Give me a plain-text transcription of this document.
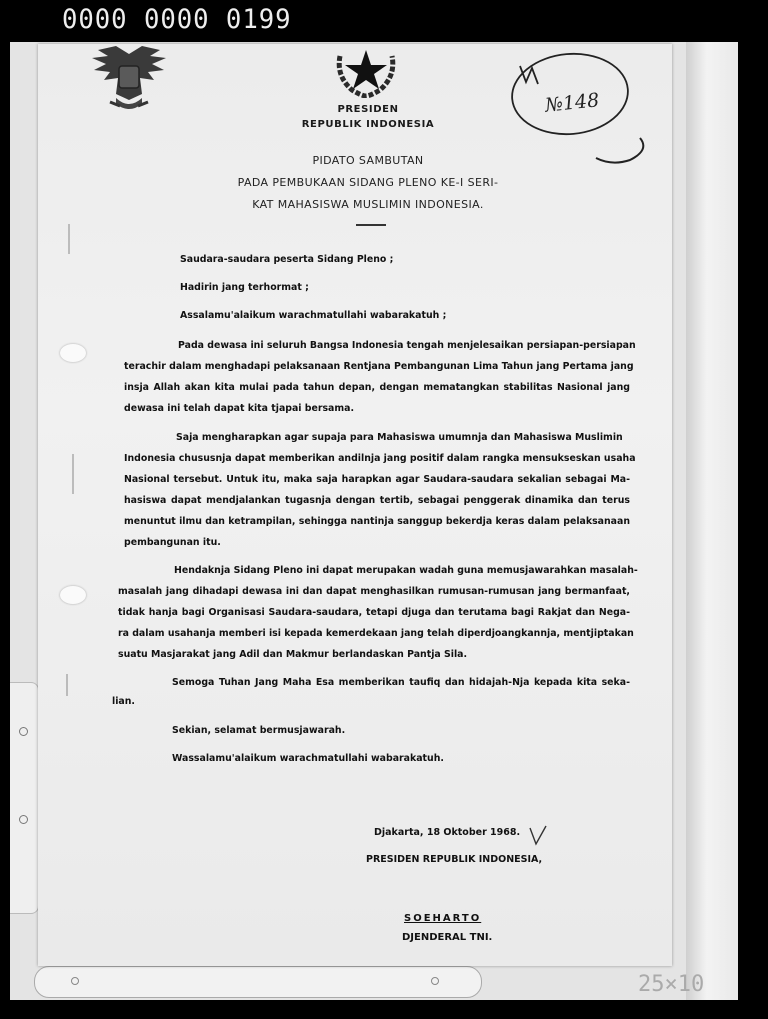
0000 0000 0199
25×10
PRESIDEN
REPUBLIK INDONESIA
№148
PIDATO SAMBUTAN
PADA PEMBUKAAN SIDANG PLENO KE-I SERI-
KAT MAHASISWA MUSLIMIN INDONESIA.
Saudara-saudara peserta Sidang Pleno ;
Hadirin jang terhormat ;
Assalamu'alaikum warachmatullahi wabarakatuh ;
Pada dewasa ini seluruh Bangsa Indonesia tengah menjelesaikan persiapan-persiapan
terachir dalam menghadapi pelaksanaan Rentjana Pembangunan Lima Tahun jang Pertama jang
insja Allah akan kita mulai pada tahun depan, dengan mematangkan stabilitas Nasional jang
dewasa ini telah dapat kita tjapai bersama.
Saja mengharapkan agar supaja para Mahasiswa umumnja dan Mahasiswa Muslimin
Indonesia chususnja dapat memberikan andilnja jang positif dalam rangka mensukseskan usaha
Nasional tersebut. Untuk itu, maka saja harapkan agar Saudara-saudara sekalian sebagai Ma-
hasiswa dapat mendjalankan tugasnja dengan tertib, sebagai penggerak dinamika dan terus
menuntut ilmu dan ketrampilan, sehingga nantinja sanggup bekerdja keras dalam pelaksanaan
pembangunan itu.
Hendaknja Sidang Pleno ini dapat merupakan wadah guna memusjawarahkan masalah-
masalah jang dihadapi dewasa ini dan dapat menghasilkan rumusan-rumusan jang bermanfaat,
tidak hanja bagi Organisasi Saudara-saudara, tetapi djuga dan terutama bagi Rakjat dan Nega-
ra dalam usahanja memberi isi kepada kemerdekaan jang telah diperdjoangkannja, mentjiptakan
suatu Masjarakat jang Adil dan Makmur berlandaskan Pantja Sila.
Semoga Tuhan Jang Maha Esa memberikan taufiq dan hidajah-Nja kepada kita seka-
lian.
Sekian, selamat bermusjawarah.
Wassalamu'alaikum warachmatullahi wabarakatuh.
Djakarta, 18 Oktober 1968.
PRESIDEN REPUBLIK INDONESIA,
SOEHARTO
DJENDERAL TNI.
